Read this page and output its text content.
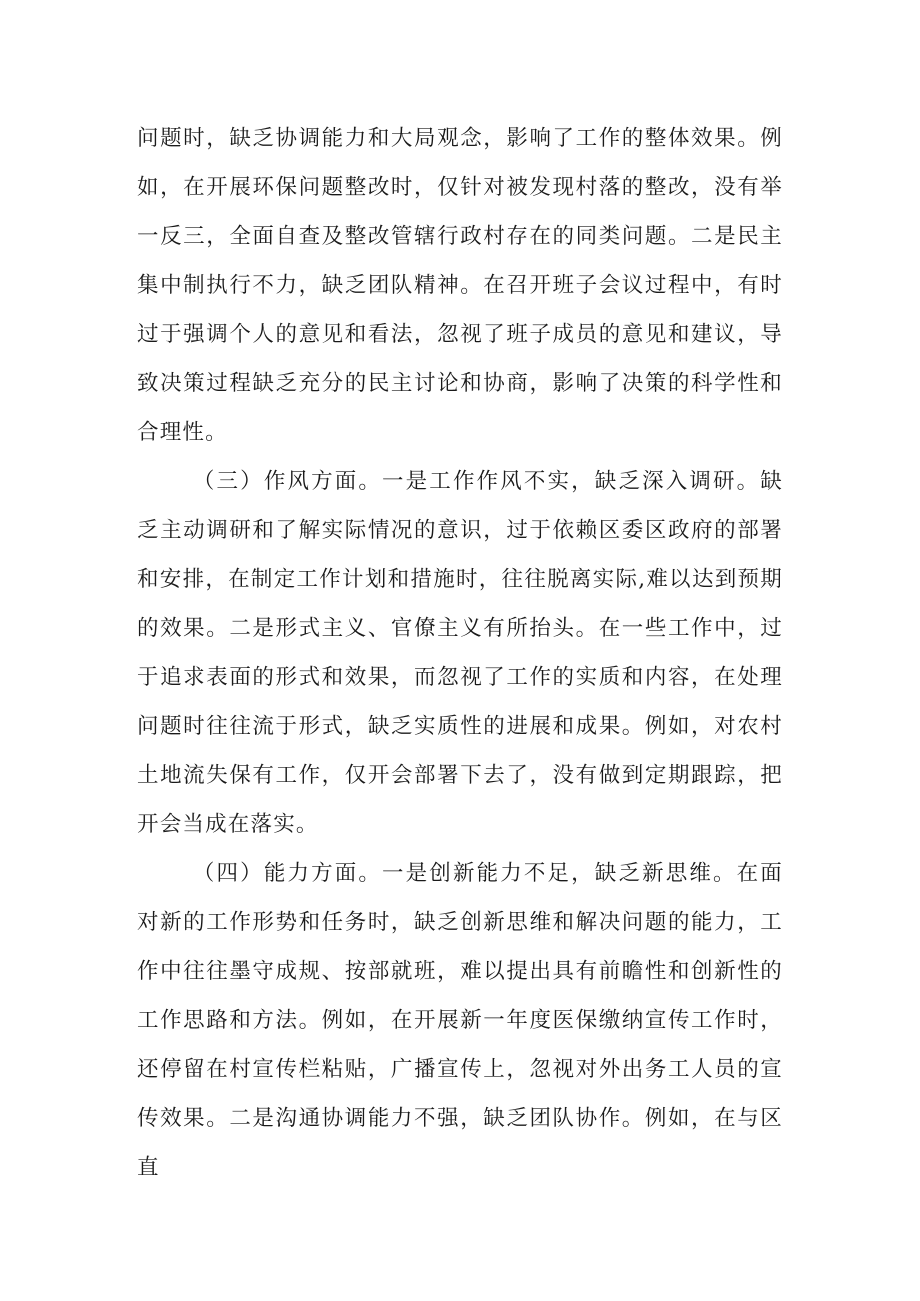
问题时，缺乏协调能力和大局观念，影响了工作的整体效果。例如，在开展环保问题整改时，仅针对被发现村落的整改，没有举一反三，全面自查及整改管辖行政村存在的同类问题。二是民主集中制执行不力，缺乏团队精神。在召开班子会议过程中，有时过于强调个人的意见和看法，忽视了班子成员的意见和建议，导致决策过程缺乏充分的民主讨论和协商，影响了决策的科学性和合理性。

（三）作风方面。一是工作作风不实，缺乏深入调研。缺乏主动调研和了解实际情况的意识，过于依赖区委区政府的部署和安排，在制定工作计划和措施时，往往脱离实际,难以达到预期的效果。二是形式主义、官僚主义有所抬头。在一些工作中，过于追求表面的形式和效果，而忽视了工作的实质和内容，在处理问题时往往流于形式，缺乏实质性的进展和成果。例如，对农村土地流失保有工作，仅开会部署下去了，没有做到定期跟踪，把开会当成在落实。

（四）能力方面。一是创新能力不足，缺乏新思维。在面对新的工作形势和任务时，缺乏创新思维和解决问题的能力，工作中往往墨守成规、按部就班，难以提出具有前瞻性和创新性的工作思路和方法。例如，在开展新一年度医保缴纳宣传工作时，还停留在村宣传栏粘贴，广播宣传上，忽视对外出务工人员的宣传效果。二是沟通协调能力不强，缺乏团队协作。例如，在与区直
